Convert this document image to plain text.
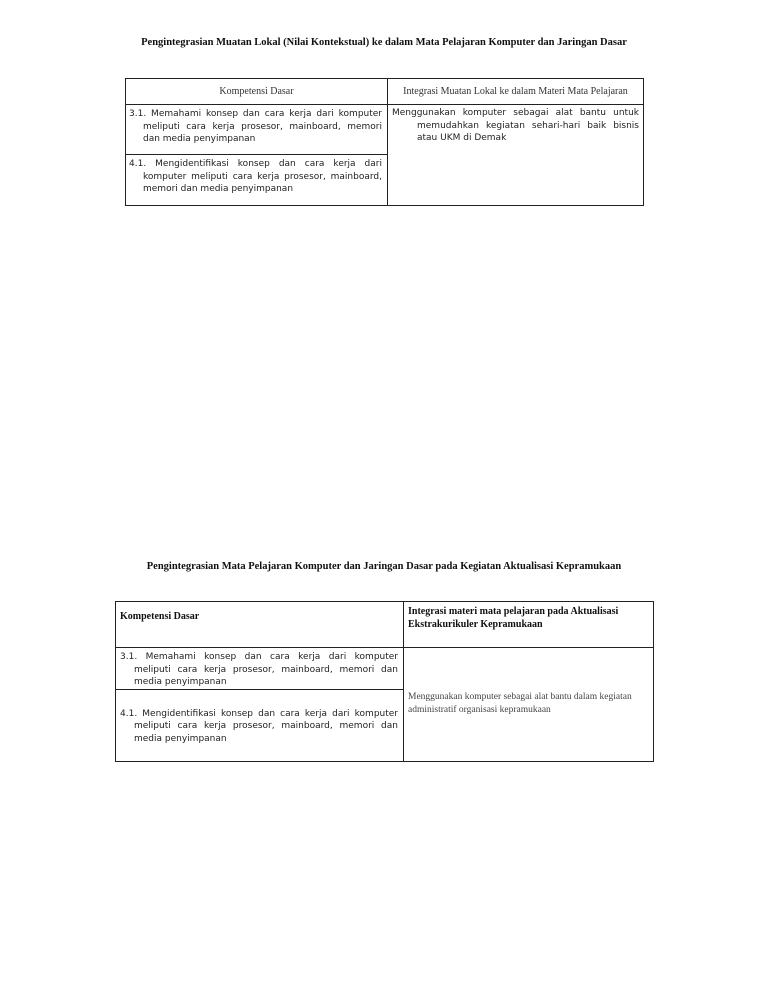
Pengintegrasian Muatan Lokal (Nilai Kontekstual) ke dalam Mata Pelajaran Komputer dan Jaringan Dasar
Kompetensi Dasar	Integrasi Muatan Lokal ke dalam Materi Mata Pelajaran

3.1. Memahami konsep dan cara kerja dari komputer meliputi cara kerja prosesor, mainboard, memori dan media penyimpanan	Menggunakan komputer sebagai alat bantu untuk memudahkan kegiatan sehari-hari baik bisnis atau UKM di Demak

4.1. Mengidentifikasi konsep dan cara kerja dari komputer meliputi cara kerja prosesor, mainboard, memori dan media penyimpanan	
Pengintegrasian Mata Pelajaran Komputer dan Jaringan Dasar pada Kegiatan Aktualisasi Kepramukaan
Kompetensi Dasar	Integrasi materi mata pelajaran pada Aktualisasi Ekstrakurikuler Kepramukaan

3.1. Memahami konsep dan cara kerja dari komputer meliputi cara kerja prosesor, mainboard, memori dan media penyimpanan	Menggunakan komputer sebagai alat bantu dalam kegiatan administratif organisasi kepramukaan

4.1. Mengidentifikasi konsep dan cara kerja dari komputer meliputi cara kerja prosesor, mainboard, memori dan media penyimpanan	
